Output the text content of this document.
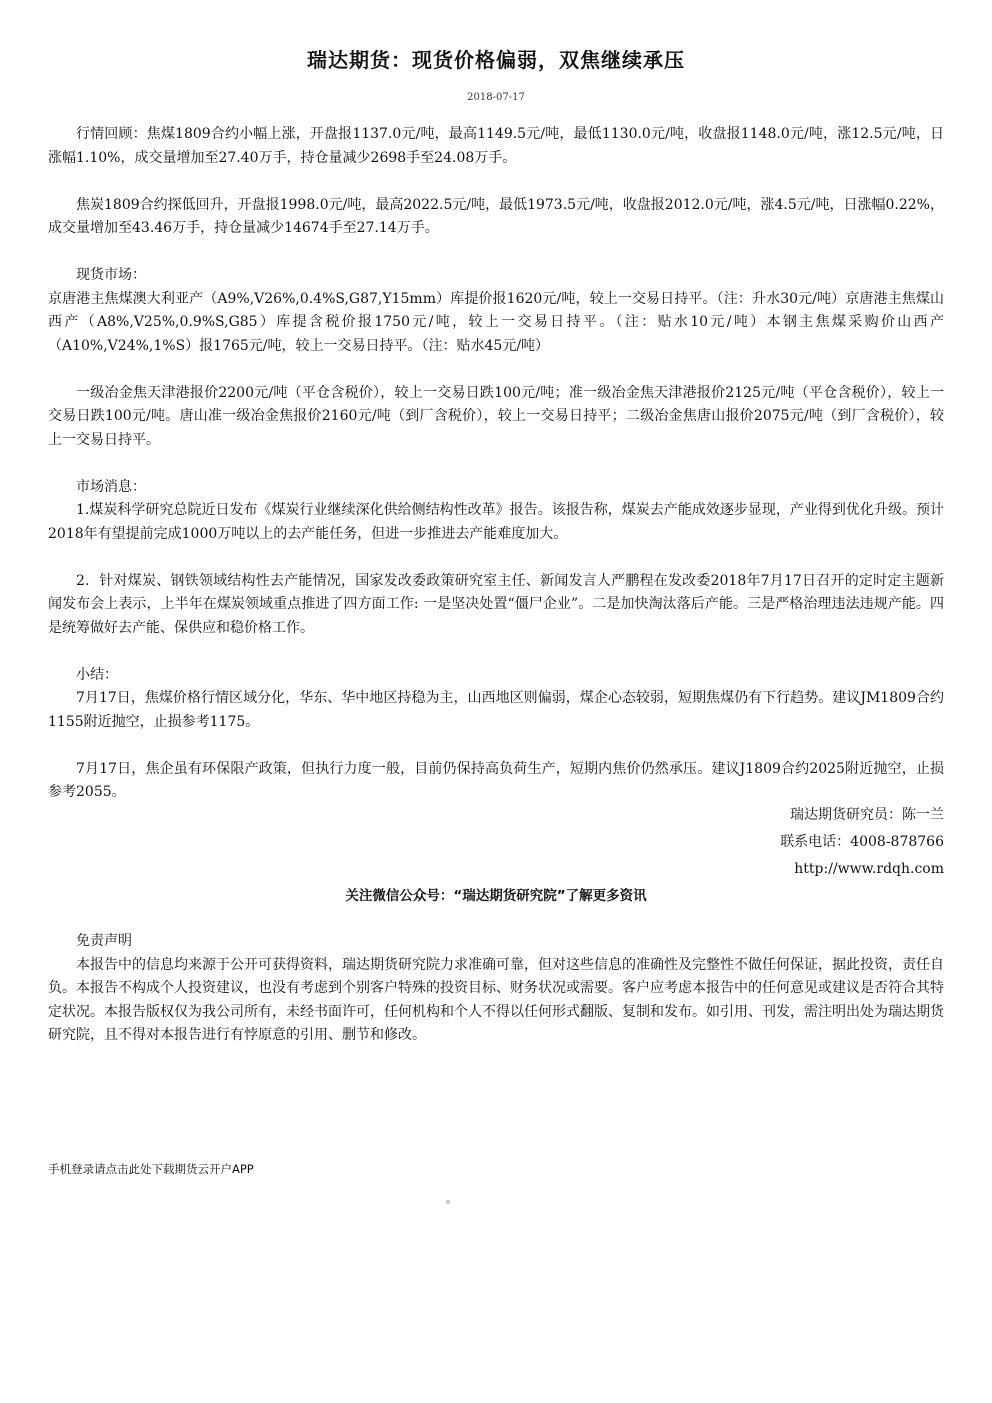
瑞达期货：现货价格偏弱，双焦继续承压
2018-07-17

行情回顾：焦煤1809合约小幅上涨，开盘报1137.0元/吨，最高1149.5元/吨，最低1130.0元/吨，收盘报1148.0元/吨，涨12.5元/吨，日涨幅1.10%，成交量增加至27.40万手，持仓量减少2698手至24.08万手。

焦炭1809合约探低回升，开盘报1998.0元/吨，最高2022.5元/吨，最低1973.5元/吨，收盘报2012.0元/吨，涨4.5元/吨，日涨幅0.22%，成交量增加至43.46万手，持仓量减少14674手至27.14万手。

现货市场：

京唐港主焦煤澳大利亚产（A9%,V26%,0.4%S,G87,Y15mm）库提价报1620元/吨，较上一交易日持平。（注：升水30元/吨）京唐港主焦煤山西产（A8%,V25%,0.9%S,G85）库提含税价报1750元/吨，较上一交易日持平。（注：贴水10元/吨）本钢主焦煤采购价山西产（A10%,V24%,1%S）报1765元/吨，较上一交易日持平。（注：贴水45元/吨）

一级冶金焦天津港报价2200元/吨（平仓含税价），较上一交易日跌100元/吨；准一级冶金焦天津港报价2125元/吨（平仓含税价），较上一交易日跌100元/吨。唐山准一级冶金焦报价2160元/吨（到厂含税价），较上一交易日持平；二级冶金焦唐山报价2075元/吨（到厂含税价），较上一交易日持平。

市场消息：

1.煤炭科学研究总院近日发布《煤炭行业继续深化供给侧结构性改革》报告。该报告称，煤炭去产能成效逐步显现，产业得到优化升级。预计2018年有望提前完成1000万吨以上的去产能任务，但进一步推进去产能难度加大。

2．针对煤炭、钢铁领域结构性去产能情况，国家发改委政策研究室主任、新闻发言人严鹏程在发改委2018年7月17日召开的定时定主题新闻发布会上表示，上半年在煤炭领域重点推进了四方面工作: 一是坚决处置“僵尸企业”。二是加快淘汰落后产能。三是严格治理违法违规产能。四是统筹做好去产能、保供应和稳价格工作。

小结：

7月17日，焦煤价格行情区域分化，华东、华中地区持稳为主，山西地区则偏弱，煤企心态较弱，短期焦煤仍有下行趋势。建议JM1809合约1155附近抛空，止损参考1175。

7月17日，焦企虽有环保限产政策，但执行力度一般，目前仍保持高负荷生产，短期内焦价仍然承压。建议J1809合约2025附近抛空，止损参考2055。

瑞达期货研究员：陈一兰
联系电话：4008-878766
http://www.rdqh.com
关注微信公众号：“瑞达期货研究院”了解更多资讯

免责声明

本报告中的信息均来源于公开可获得资料，瑞达期货研究院力求准确可靠，但对这些信息的准确性及完整性不做任何保证，据此投资，责任自负。本报告不构成个人投资建议，也没有考虑到个别客户特殊的投资目标、财务状况或需要。客户应考虑本报告中的任何意见或建议是否符合其特定状况。本报告版权仅为我公司所有，未经书面许可，任何机构和个人不得以任何形式翻版、复制和发布。如引用、刊发，需注明出处为瑞达期货研究院，且不得对本报告进行有悖原意的引用、删节和修改。

手机登录请点击此处下载期货云开户APP
